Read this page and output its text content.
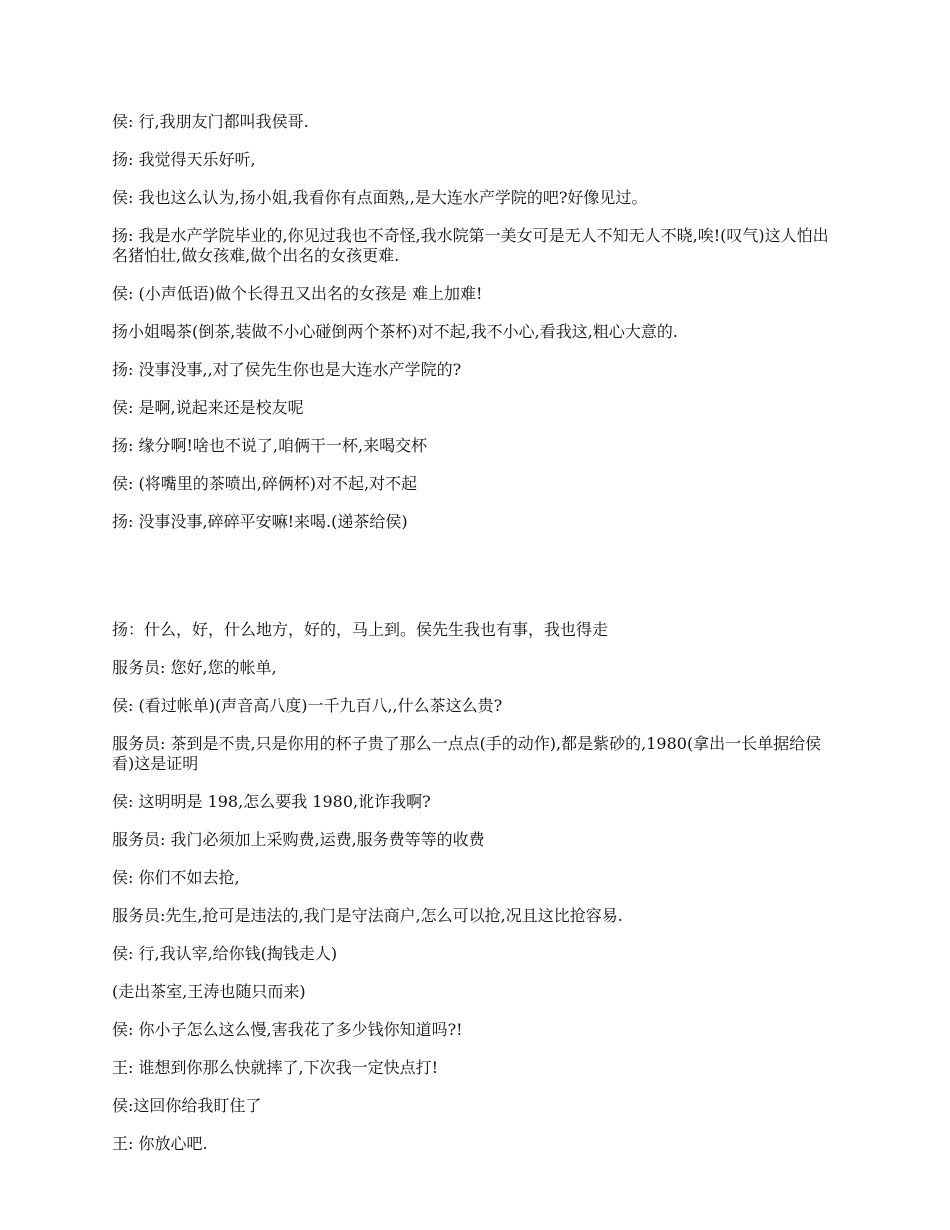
侯: 行,我朋友门都叫我侯哥.

扬: 我觉得天乐好听,

侯: 我也这么认为,扬小姐,我看你有点面熟,,是大连水产学院的吧?好像见过。

扬: 我是水产学院毕业的,你见过我也不奇怪,我水院第一美女可是无人不知无人不晓,唉!(叹气)这人怕出名猪怕壮,做女孩难,做个出名的女孩更难.

侯: (小声低语)做个长得丑又出名的女孩是 难上加难!

扬小姐喝茶(倒茶,装做不小心碰倒两个茶杯)对不起,我不小心,看我这,粗心大意的.

扬: 没事没事,,对了侯先生你也是大连水产学院的?

侯: 是啊,说起来还是校友呢

扬: 缘分啊!啥也不说了,咱俩干一杯,来喝交杯

侯: (将嘴里的茶喷出,碎俩杯)对不起,对不起

扬: 没事没事,碎碎平安嘛!来喝.(递茶给侯)

扬：什么，好，什么地方，好的，马上到。侯先生我也有事，我也得走

服务员: 您好,您的帐单,

侯: (看过帐单)(声音高八度)一千九百八,,什么茶这么贵?

服务员: 茶到是不贵,只是你用的杯子贵了那么一点点(手的动作),都是紫砂的,1980(拿出一长单据给侯看)这是证明

侯: 这明明是 198,怎么要我 1980,讹诈我啊?

服务员: 我门必须加上采购费,运费,服务费等等的收费

侯: 你们不如去抢,

服务员:先生,抢可是违法的,我门是守法商户,怎么可以抢,况且这比抢容易.

侯: 行,我认宰,给你钱(掏钱走人)

(走出茶室,王涛也随只而来)

侯: 你小子怎么这么慢,害我花了多少钱你知道吗?!

王: 谁想到你那么快就摔了,下次我一定快点打!

侯:这回你给我盯住了

王: 你放心吧.
